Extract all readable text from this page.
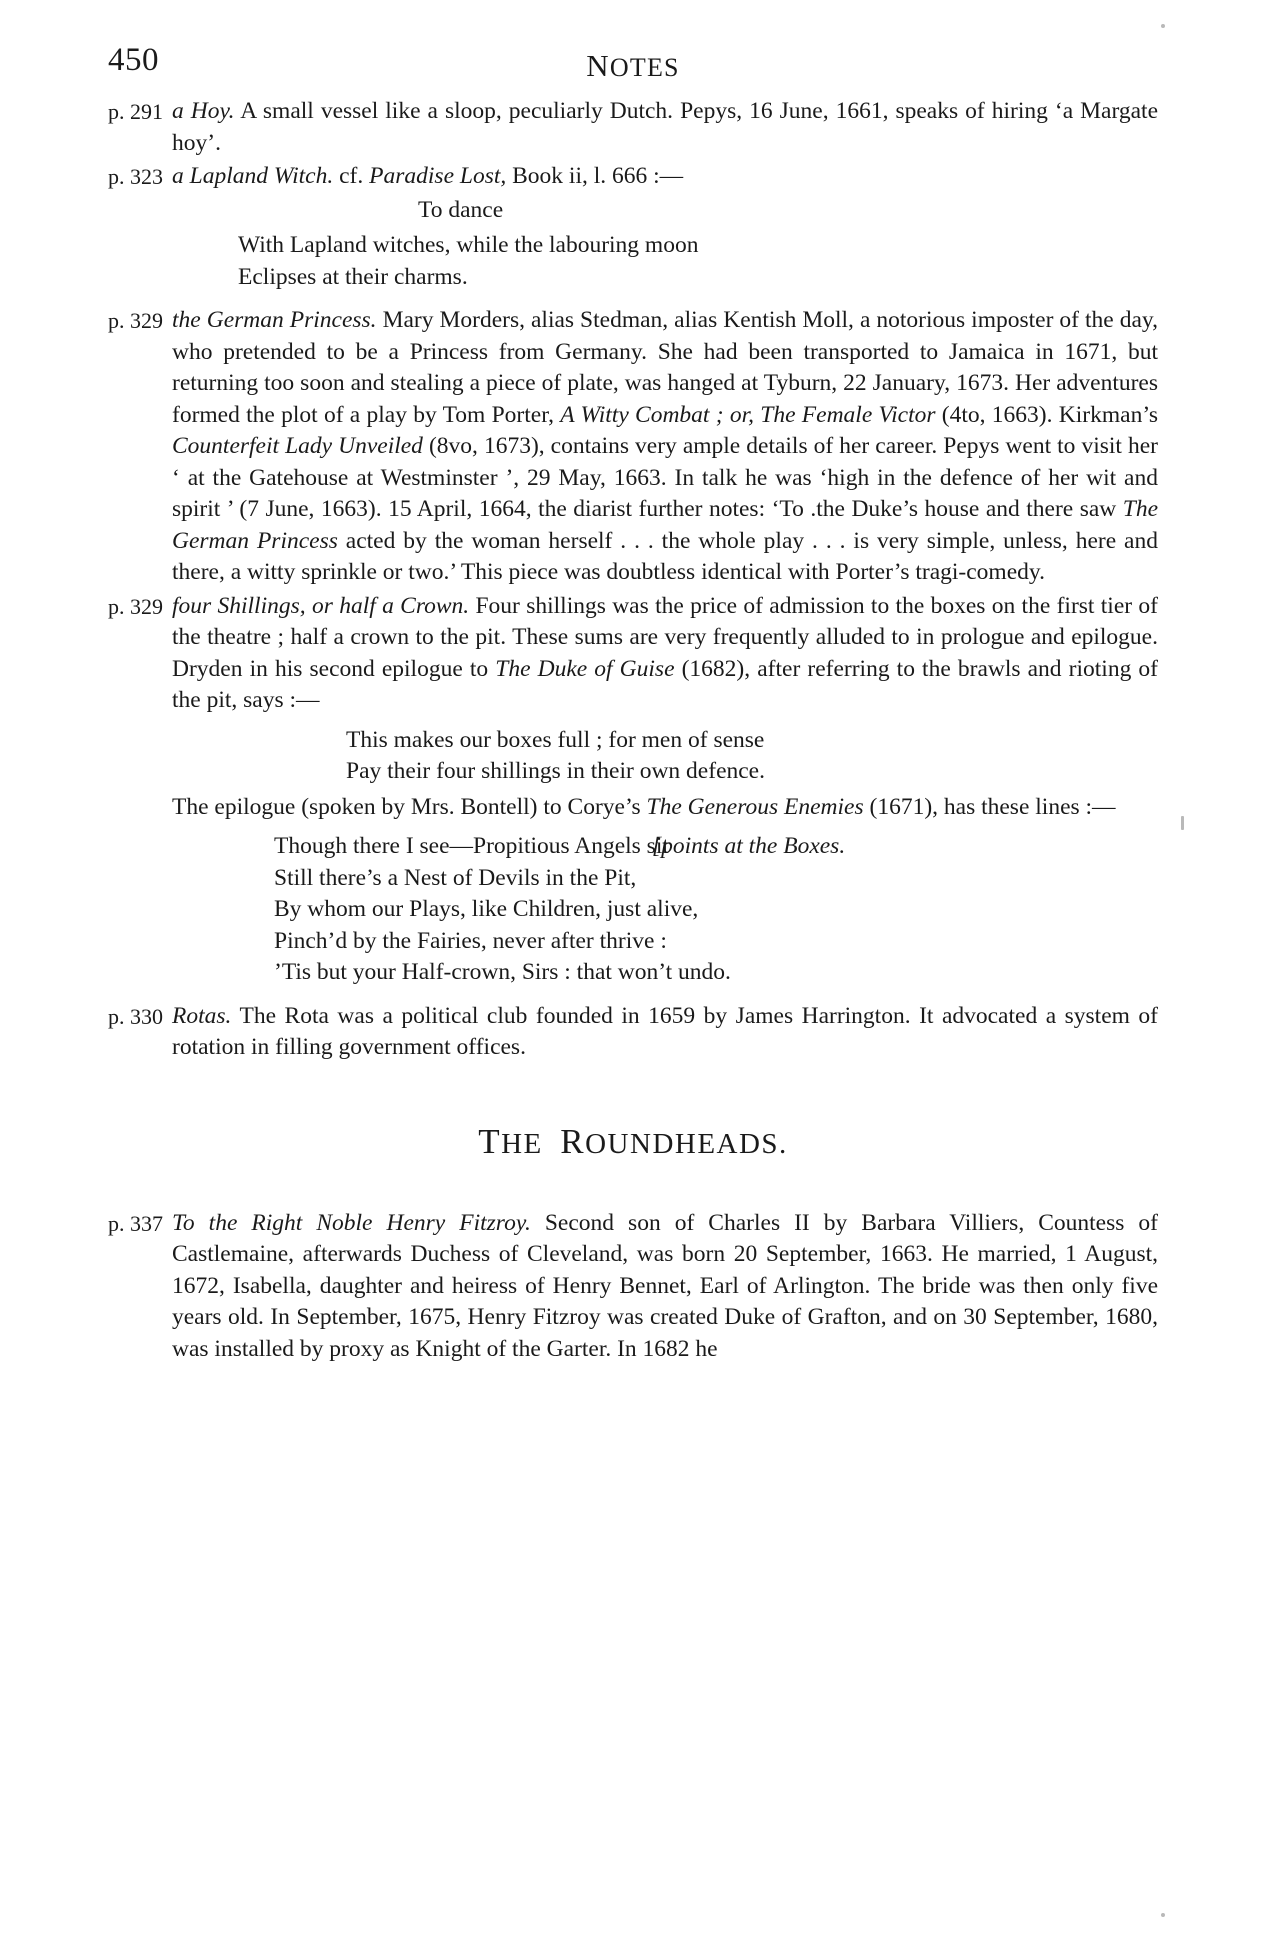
450	NOTES
p. 291 a Hoy. A small vessel like a sloop, peculiarly Dutch. Pepys, 16 June, 1661, speaks of hiring ‘a Margate hoy’.

p. 323 a Lapland Witch. cf. Paradise Lost, Book ii, l. 666 :—

To dance
With Lapland witches, while the labouring moon
Eclipses at their charms.
p. 329 the German Princess. Mary Morders, alias Stedman, alias Kentish Moll, a notorious imposter of the day, who pretended to be a Princess from Germany. She had been transported to Jamaica in 1671, but returning too soon and stealing a piece of plate, was hanged at Tyburn, 22 January, 1673. Her adventures formed the plot of a play by Tom Porter, A Witty Combat ; or, The Female Victor (4to, 1663). Kirkman’s Counterfeit Lady Unveiled (8vo, 1673), contains very ample details of her career. Pepys went to visit her ‘ at the Gatehouse at Westminster ’, 29 May, 1663. In talk he was ‘high in the defence of her wit and spirit ’ (7 June, 1663). 15 April, 1664, the diarist further notes: ‘To .the Duke’s house and there saw The German Princess acted by the woman herself . . . the whole play . . . is very simple, unless, here and there, a witty sprinkle or two.’ This piece was doubtless identical with Porter’s tragi-comedy.

p. 329 four Shillings, or half a Crown. Four shillings was the price of admission to the boxes on the first tier of the theatre ; half a crown to the pit. These sums are very frequently alluded to in prologue and epilogue. Dryden in his second epilogue to The Duke of Guise (1682), after referring to the brawls and rioting of the pit, says :—

This makes our boxes full ; for men of sense
Pay their four shillings in their own defence.
The epilogue (spoken by Mrs. Bontell) to Corye’s The Generous Enemies (1671), has these lines :—
Though there I see—Propitious Angels sit
Still there’s a Nest of Devils in the Pit,
By whom our Plays, like Children, just alive,
Pinch’d by the Fairies, never after thrive :
’Tis but your Half-crown, Sirs : that won’t undo.
[points at the Boxes.
p. 330 Rotas. The Rota was a political club founded in 1659 by James Harrington. It advocated a system of rotation in filling government offices.

THE ROUNDHEADS.
p. 337 To the Right Noble Henry Fitzroy. Second son of Charles II by Barbara Villiers, Countess of Castlemaine, afterwards Duchess of Cleveland, was born 20 September, 1663. He married, 1 August, 1672, Isabella, daughter and heiress of Henry Bennet, Earl of Arlington. The bride was then only five years old. In September, 1675, Henry Fitzroy was created Duke of Grafton, and on 30 September, 1680, was installed by proxy as Knight of the Garter. In 1682 he
